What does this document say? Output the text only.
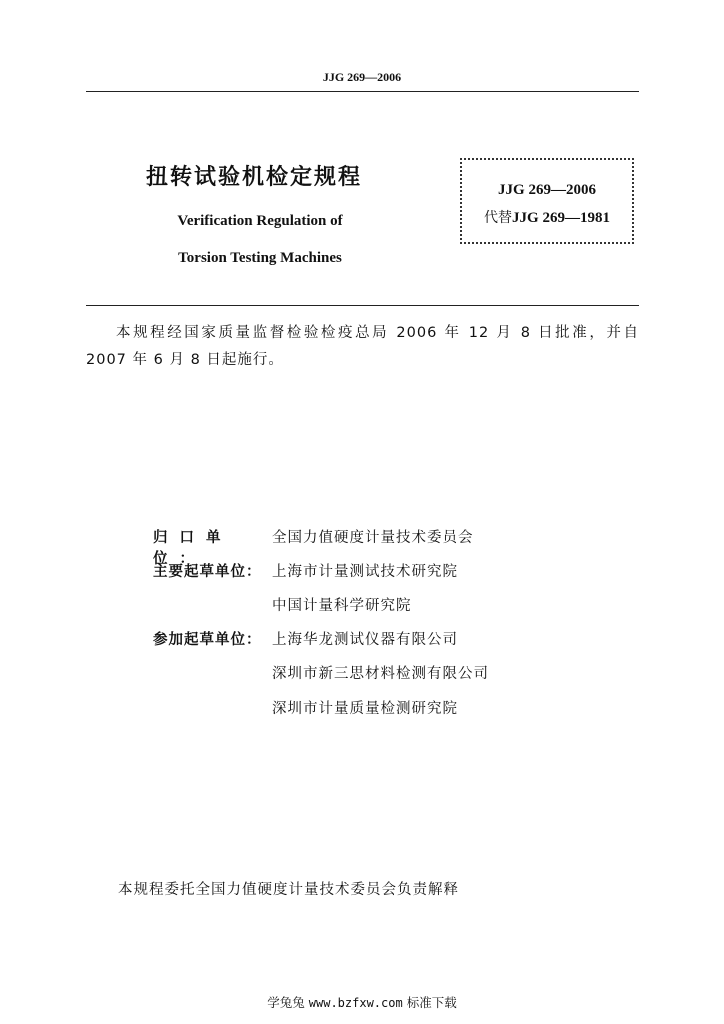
JJG 269—2006
扭转试验机检定规程
Verification Regulation of
Torsion Testing Machines
JJG 269—2006
代替JJG 269—1981
本规程经国家质量监督检验检疫总局 2006 年 12 月 8 日批准，并自 2007 年 6 月 8 日起施行。
归口单位：
全国力值硬度计量技术委员会
主要起草单位： 上海市计量测试技术研究院
中国计量科学研究院
参加起草单位： 上海华龙测试仪器有限公司
深圳市新三思材料检测有限公司
深圳市计量质量检测研究院
本规程委托全国力值硬度计量技术委员会负责解释
学兔兔 www.bzfxw.com 标准下载
